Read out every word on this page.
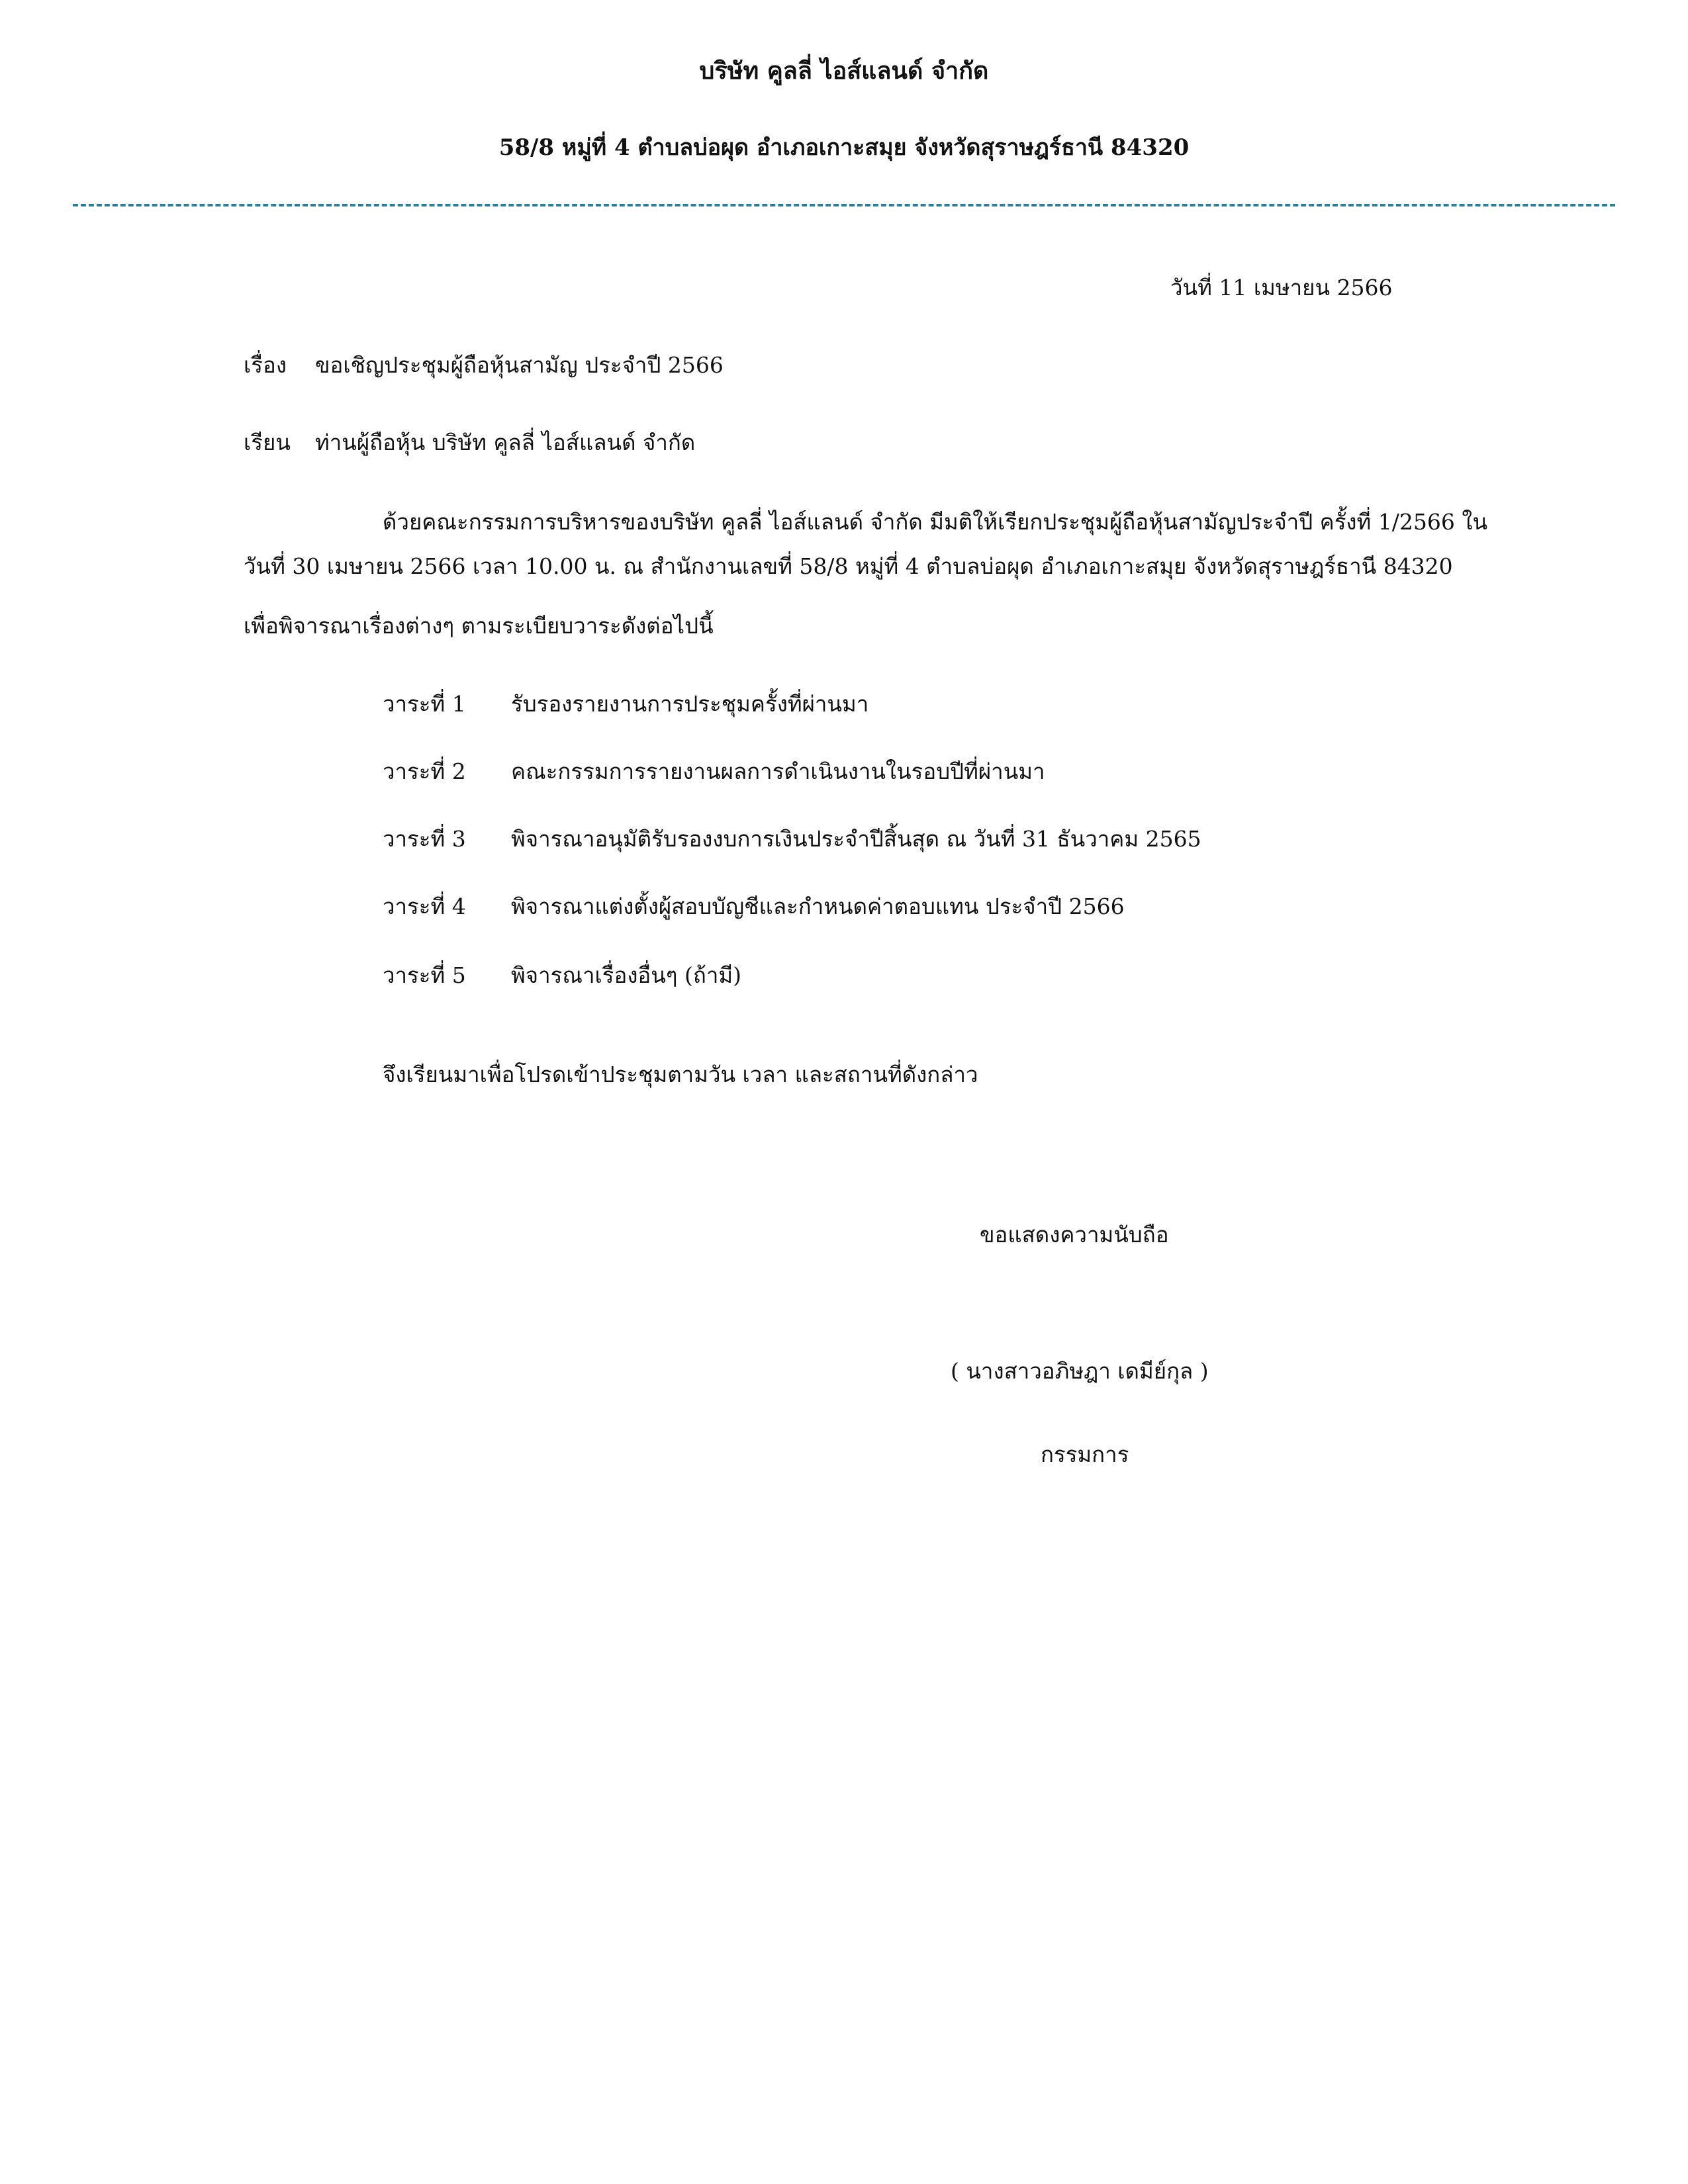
บริษัท คูลลี่ ไอส์แลนด์ จำกัด
58/8 หมู่ที่ 4 ตำบลบ่อผุด อำเภอเกาะสมุย จังหวัดสุราษฎร์ธานี 84320
วันที่ 11 เมษายน 2566
เรื่อง ขอเชิญประชุมผู้ถือหุ้นสามัญ ประจำปี 2566
เรียน ท่านผู้ถือหุ้น บริษัท คูลลี่ ไอส์แลนด์ จำกัด
ด้วยคณะกรรมการบริหารของบริษัท คูลลี่ ไอส์แลนด์ จำกัด มีมติให้เรียกประชุมผู้ถือหุ้นสามัญประจำปี ครั้งที่ 1/2566 ใน
วันที่ 30 เมษายน 2566 เวลา 10.00 น. ณ สำนักงานเลขที่ 58/8 หมู่ที่ 4 ตำบลบ่อผุด อำเภอเกาะสมุย จังหวัดสุราษฎร์ธานี 84320
เพื่อพิจารณาเรื่องต่างๆ ตามระเบียบวาระดังต่อไปนี้
วาระที่ 1 รับรองรายงานการประชุมครั้งที่ผ่านมา
วาระที่ 2 คณะกรรมการรายงานผลการดำเนินงานในรอบปีที่ผ่านมา
วาระที่ 3 พิจารณาอนุมัติรับรองงบการเงินประจำปีสิ้นสุด ณ วันที่ 31 ธันวาคม 2565
วาระที่ 4 พิจารณาแต่งตั้งผู้สอบบัญชีและกำหนดค่าตอบแทน ประจำปี 2566
วาระที่ 5 พิจารณาเรื่องอื่นๆ (ถ้ามี)
จึงเรียนมาเพื่อโปรดเข้าประชุมตามวัน เวลา และสถานที่ดังกล่าว
ขอแสดงความนับถือ
( นางสาวอภิษฎา เดมีย์กุล )
กรรมการ
